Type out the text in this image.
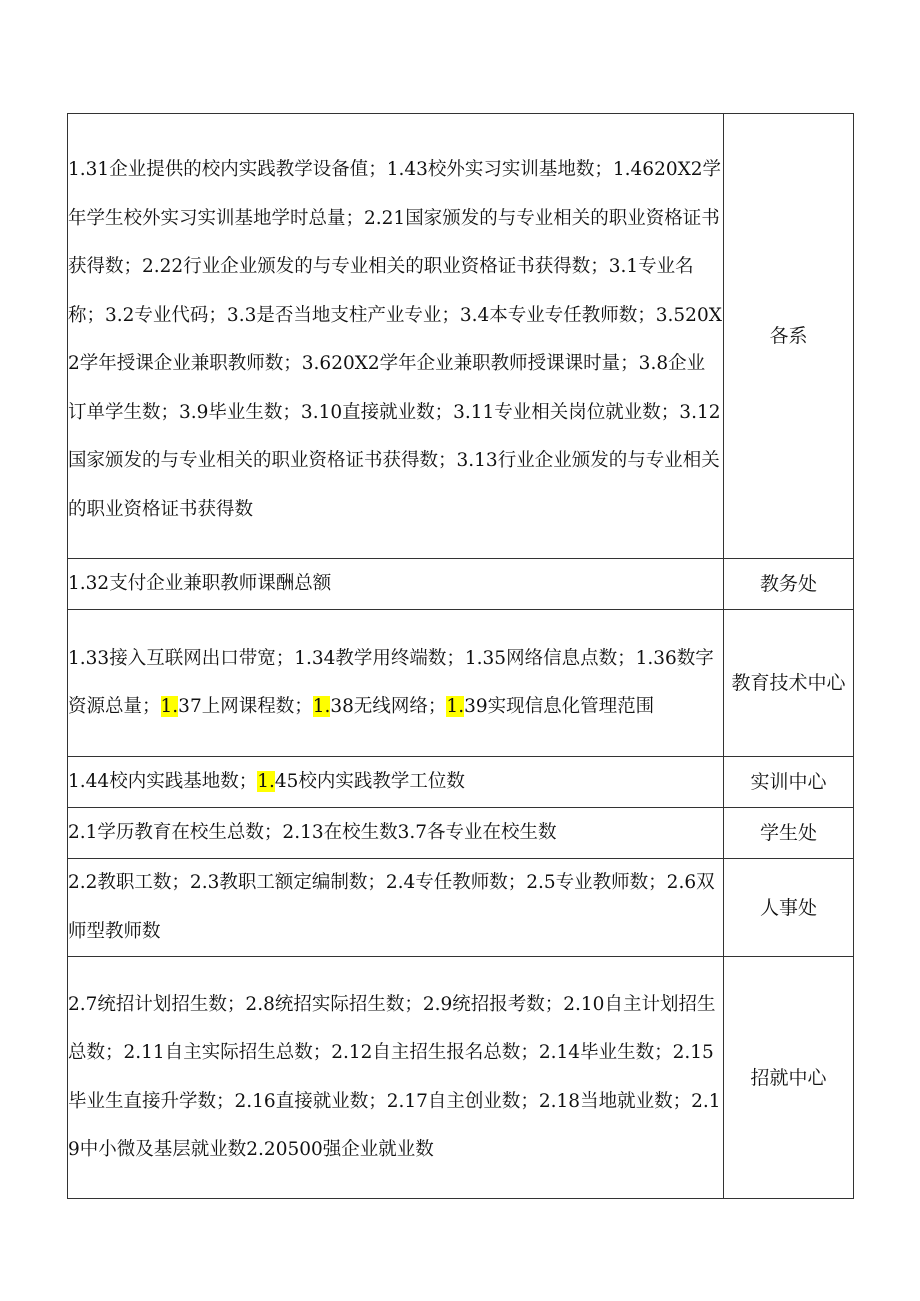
1.31企业提供的校内实践教学设备值；1.43校外实习实训基地数；1.4620X2学年学生校外实习实训基地学时总量；2.21国家颁发的与专业相关的职业资格证书获得数；2.22行业企业颁发的与专业相关的职业资格证书获得数；3.1专业名称；3.2专业代码；3.3是否当地支柱产业专业；3.4本专业专任教师数；3.520X2学年授课企业兼职教师数；3.620X2学年企业兼职教师授课课时量；3.8企业订单学生数；3.9毕业生数；3.10直接就业数；3.11专业相关岗位就业数；3.12国家颁发的与专业相关的职业资格证书获得数；3.13行业企业颁发的与专业相关的职业资格证书获得数	各系
1.32支付企业兼职教师课酬总额	教务处
1.33接入互联网出口带宽；1.34教学用终端数；1.35网络信息点数；1.36数字资源总量；1.37上网课程数；1.38无线网络；1.39实现信息化管理范围	教育技术中心
1.44校内实践基地数；1.45校内实践教学工位数	实训中心
2.1学历教育在校生总数；2.13在校生数3.7各专业在校生数	学生处
2.2教职工数；2.3教职工额定编制数；2.4专任教师数；2.5专业教师数；2.6双师型教师数	人事处
2.7统招计划招生数；2.8统招实际招生数；2.9统招报考数；2.10自主计划招生总数；2.11自主实际招生总数；2.12自主招生报名总数；2.14毕业生数；2.15毕业生直接升学数；2.16直接就业数；2.17自主创业数；2.18当地就业数；2.19中小微及基层就业数2.20500强企业就业数	招就中心
